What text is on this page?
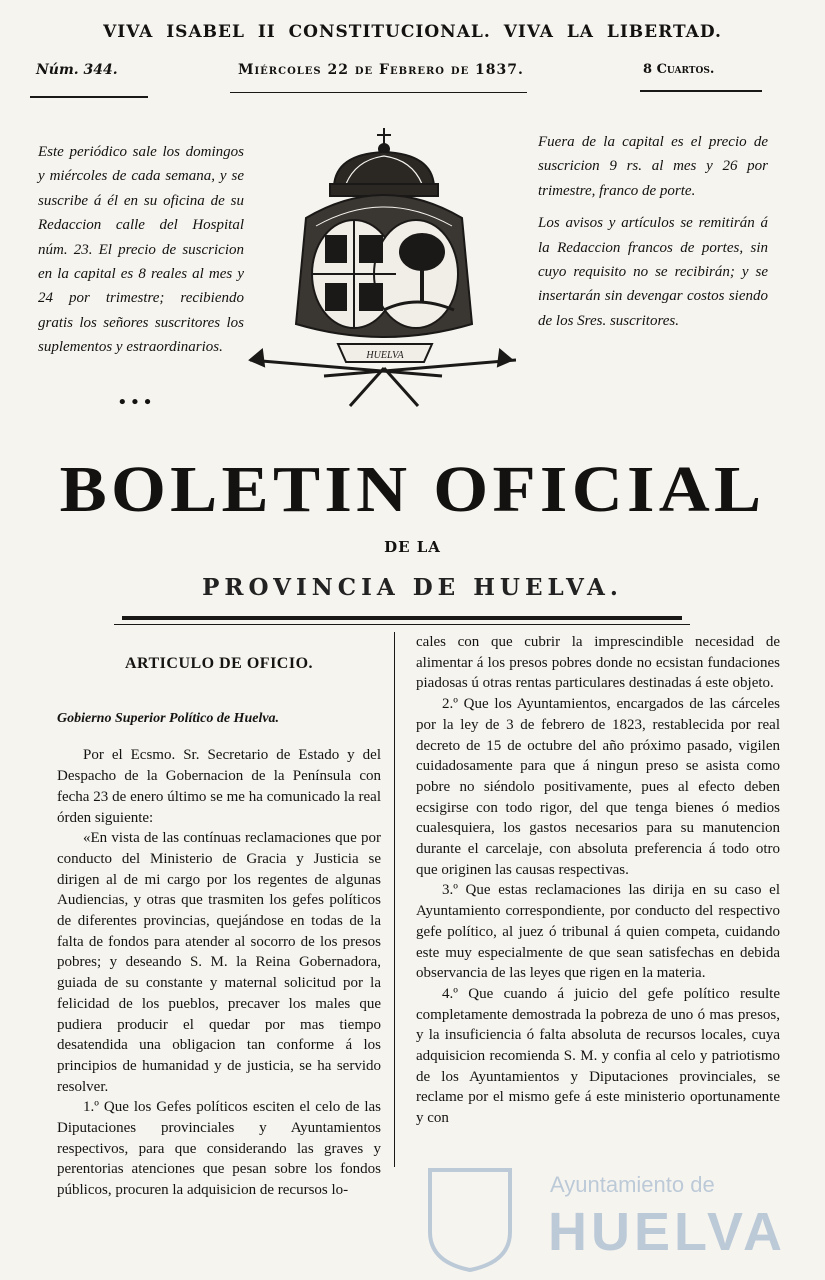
VIVA ISABEL II CONSTITUCIONAL. VIVA LA LIBERTAD.
Núm. 344.	Miércoles 22 de Febrero de 1837.	8 Cuartos.

Este periódico sale los domingos y miércoles de cada semana, y se suscribe á él en su oficina de su Redaccion calle del Hospital núm. 23. El precio de suscricion en la capital es 8 reales al mes y 24 por trimestre; recibiendo gratis los señores suscritores los suplementos y estraordinarios.

Fuera de la capital es el precio de suscricion 9 rs. al mes y 26 por trimestre, franco de porte.

Los avisos y artículos se remitirán á la Redaccion francos de portes, sin cuyo requisito no se recibirán; y se insertarán sin devengar costos siendo de los Sres. suscritores.

•••
HUELVA
BOLETIN OFICIAL
DE LA
PROVINCIA DE HUELVA.

ARTICULO DE OFICIO.

Gobierno Superior Político de Huelva.

Por el Ecsmo. Sr. Secretario de Estado y del Despacho de la Gobernacion de la Península con fecha 23 de enero último se me ha comunicado la real órden siguiente:

«En vista de las contínuas reclamaciones que por conducto del Ministerio de Gracia y Justicia se dirigen al de mi cargo por los regentes de algunas Audiencias, y otras que trasmiten los gefes políticos de diferentes provincias, quejándose en todas de la falta de fondos para atender al socorro de los presos pobres; y deseando S. M. la Reina Gobernadora, guiada de su constante y maternal solicitud por la felicidad de los pueblos, precaver los males que pudiera producir el quedar por mas tiempo desatendida una obligacion tan conforme á los principios de humanidad y de justicia, se ha servido resolver.

1.º Que los Gefes políticos esciten el celo de las Diputaciones provinciales y Ayuntamientos respectivos, para que considerando las graves y perentorias atenciones que pesan sobre los fondos públicos, procuren la adquisicion de recursos lo-

cales con que cubrir la imprescindible necesidad de alimentar á los presos pobres donde no ecsistan fundaciones piadosas ú otras rentas particulares destinadas á este objeto.

2.º Que los Ayuntamientos, encargados de las cárceles por la ley de 3 de febrero de 1823, restablecida por real decreto de 15 de octubre del año próximo pasado, vigilen cuidadosamente para que á ningun preso se asista como pobre no siéndolo positivamente, pues al efecto deben ecsigirse con todo rigor, del que tenga bienes ó medios cualesquiera, los gastos necesarios para su manutencion durante el carcelaje, con absoluta preferencia á todo otro que originen las causas respectivas.

3.º Que estas reclamaciones las dirija en su caso el Ayuntamiento correspondiente, por conducto del respectivo gefe político, al juez ó tribunal á quien competa, cuidando este muy especialmente de que sean satisfechas en debida observancia de las leyes que rigen en la materia.

4.º Que cuando á juicio del gefe político resulte completamente demostrada la pobreza de uno ó mas presos, y la insuficiencia ó falta absoluta de recursos locales, cuya adquisicion recomienda S. M. y confia al celo y patriotismo de los Ayuntamientos y Diputaciones provinciales, se reclame por el mismo gefe á este ministerio oportunamente y con

Ayuntamiento de
HUELVA
